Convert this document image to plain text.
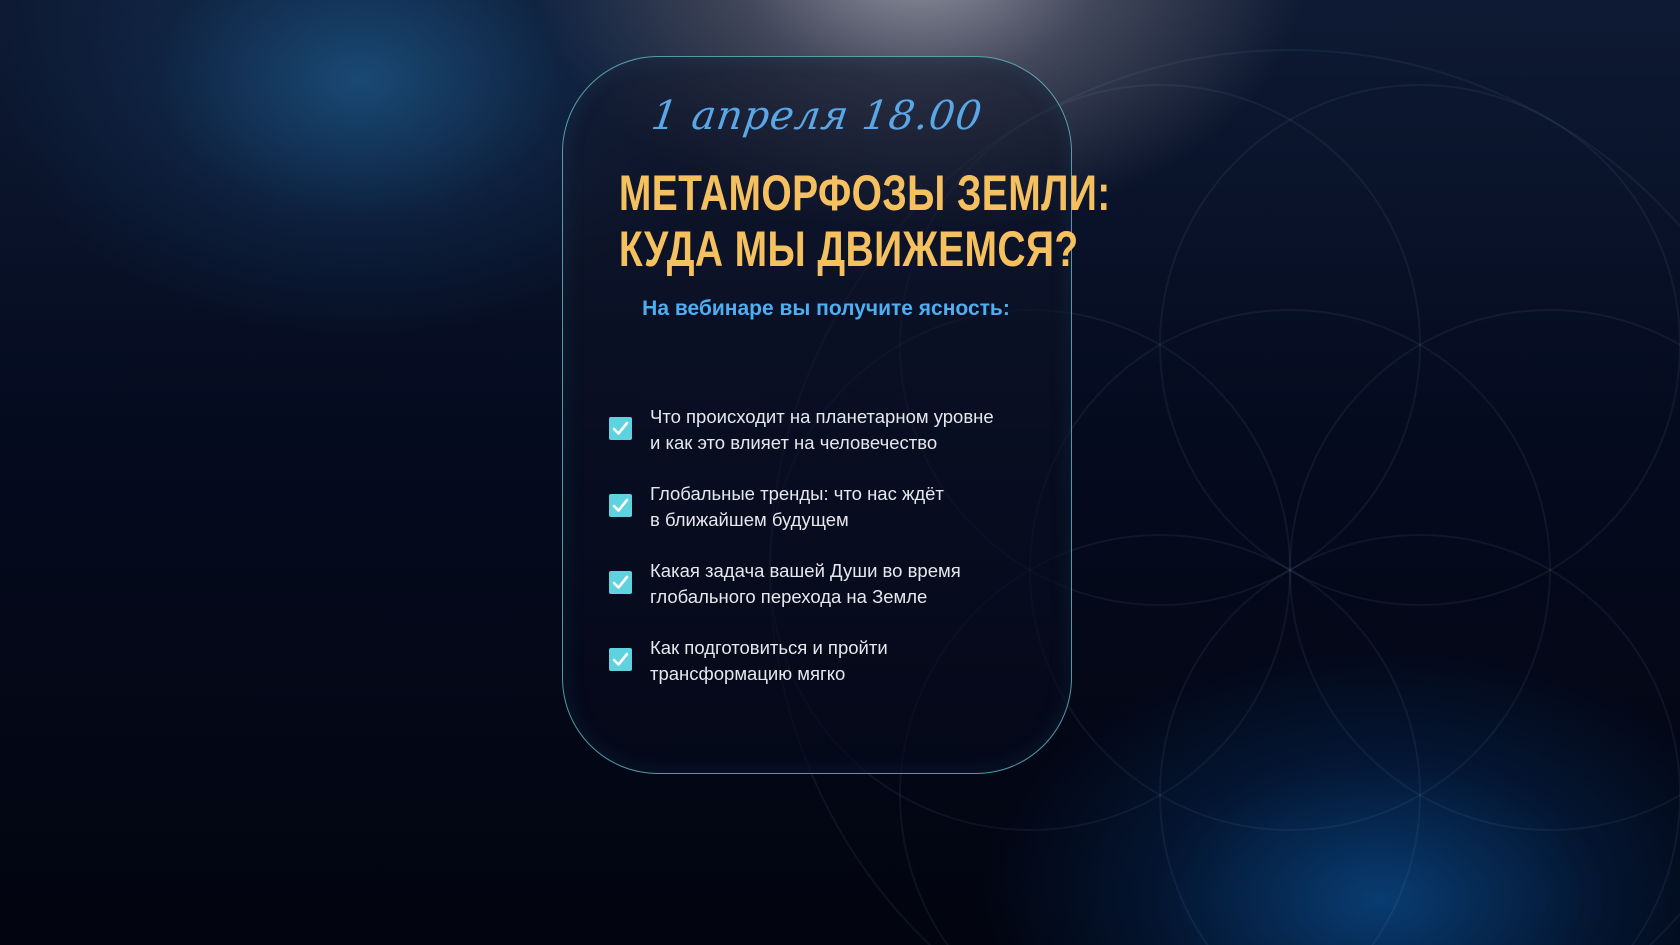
1 апреля 18.00
МЕТАМОРФОЗЫ ЗЕМЛИ:
КУДА МЫ ДВИЖЕМСЯ?
На вебинаре вы получите ясность:
Что происходит на планетарном уровне
и как это влияет на человечество
Глобальные тренды: что нас ждёт
в ближайшем будущем
Какая задача вашей Души во время
глобального перехода на Земле
Как подготовиться и пройти
трансформацию мягко
